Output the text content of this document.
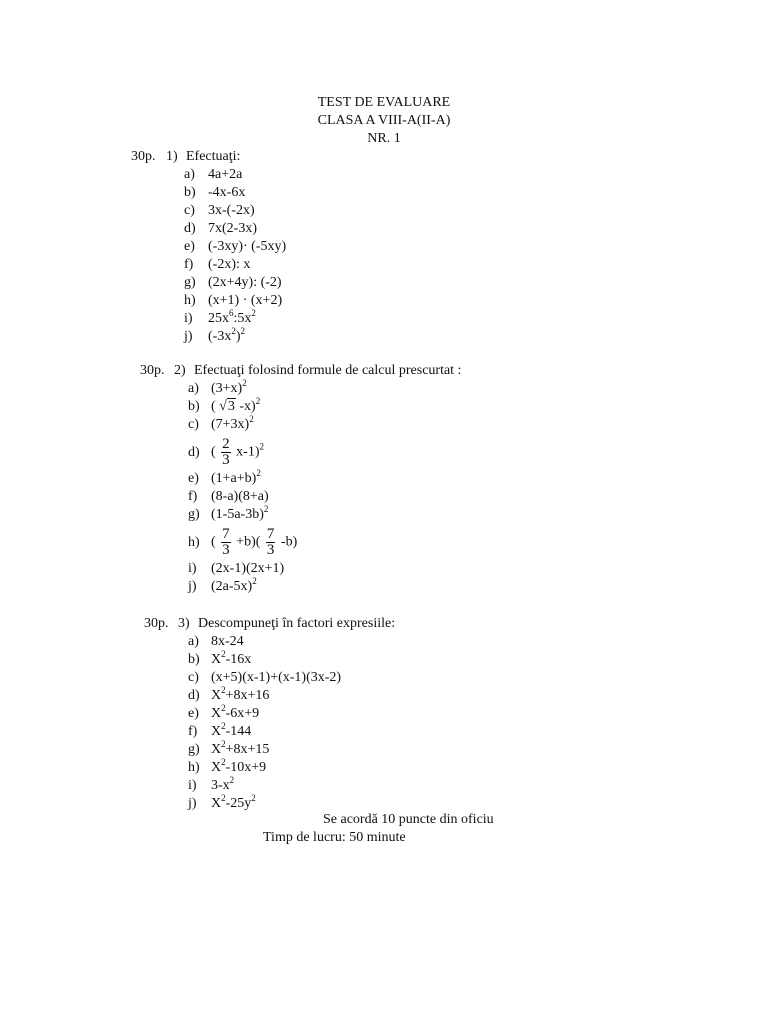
TEST DE EVALUARE
CLASA A VIII-A(II-A)
NR. 1
30p. 1) Efectuaţi:
a) 4a+2a
b) -4x-6x
c) 3x-(-2x)
d) 7x(2-3x)
e) (-3xy)· (-5xy)
f) (-2x): x
g) (2x+4y): (-2)
h) (x+1) · (x+2)
i) $25x^6:5x^2$
j) $(-3x^2)^2$
30p. 2) Efectuaţi folosind formule de calcul prescurtat :
a) $(3+x)^2$
b) ( √3 -x)$^2$
c) $(7+3x)^2$
d) ( $\frac{2}{3} x-1)^2$
e) $(1+a+b)^2$
f) (8-a)(8+a)
g) $(1-5a-3b)^2$
h) ( $\frac{7}{3} +b)( \frac{7}{3} -b)$
i) (2x-1)(2x+1)
j) $(2a-5x)^2$
30p. 3) Descompuneţi în factori expresiile:
a) 8x-24
b) $X^2-16x$
c) (x+5)(x-1)+(x-1)(3x-2)
d) $X^2+8x+16$
e) $X^2-6x+9$
f) $X^2-144$
g) $X^2+8x+15$
h) $X^2-10x+9$
i) $3-x^2$
j) $X^2-25y^2$
Se acordă 10 puncte din oficiu
Timp de lucru: 50 minute
